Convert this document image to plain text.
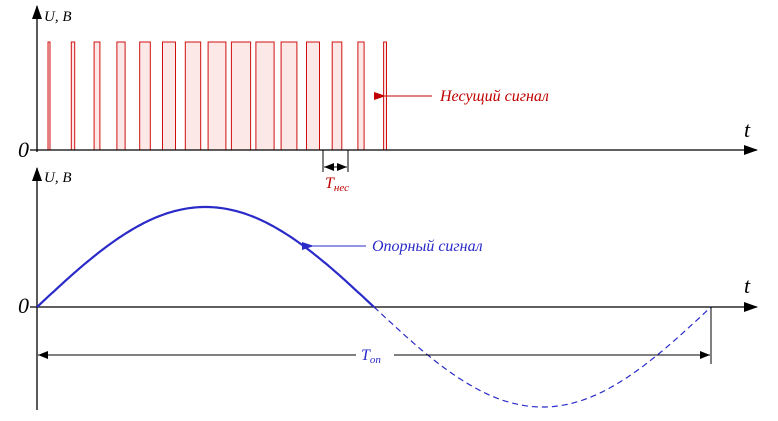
U, B
t
0
Несущий сигнал
Tнес
U, B
t
0
Опорный сигнал
Tоп
